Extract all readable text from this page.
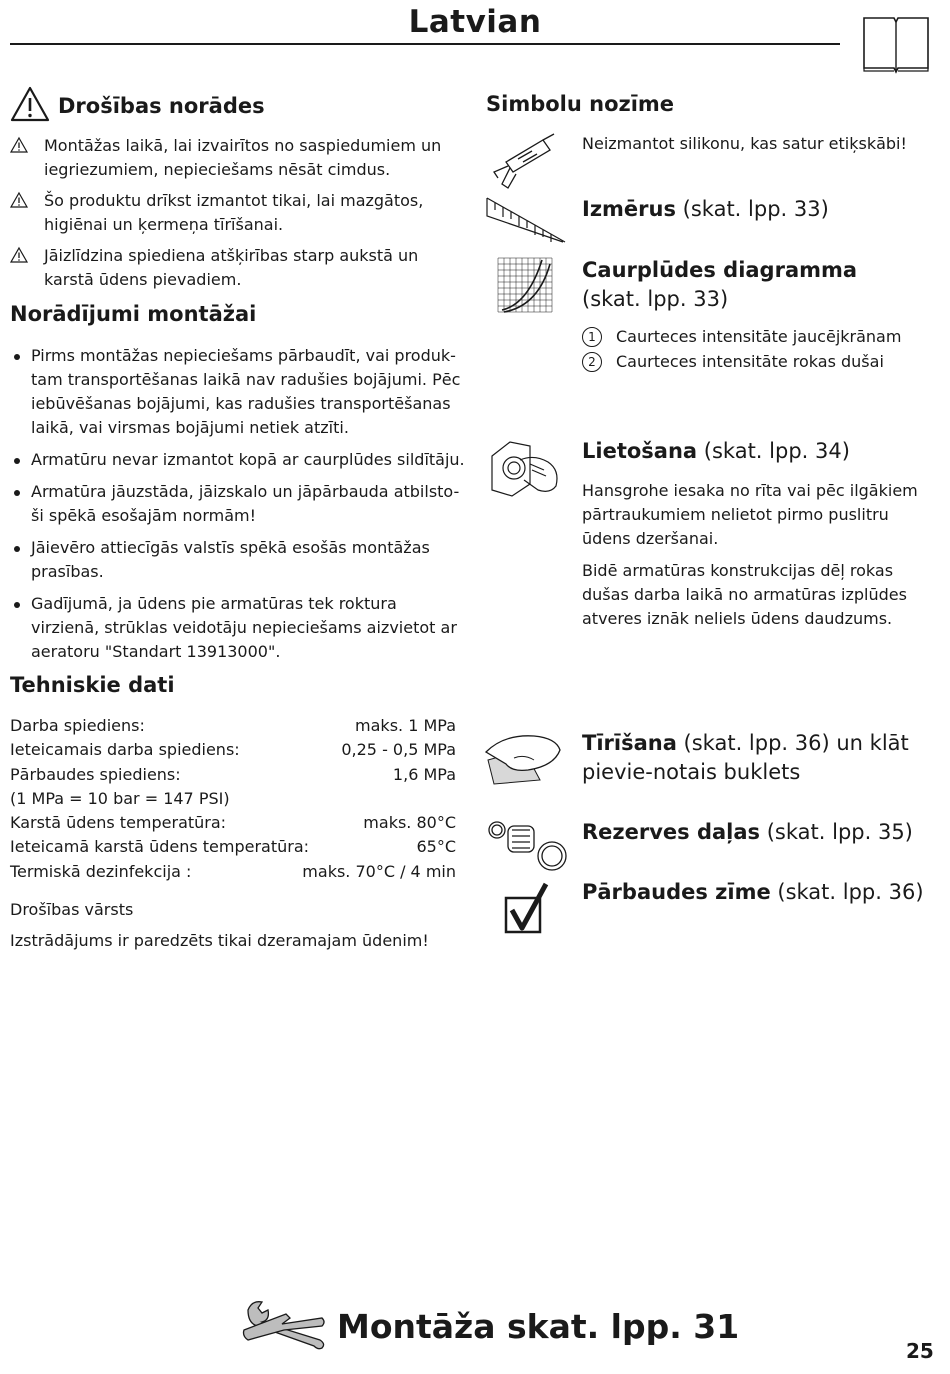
Latvian
Drošības norādes
Montāžas laikā, lai izvairītos no saspiedumiem un iegriezumiem, nepieciešams nēsāt cimdus.
Šo produktu drīkst izmantot tikai, lai mazgātos, higiēnai un ķermeņa tīrīšanai.
Jāizlīdzina spiediena atšķirības starp aukstā un karstā ūdens pievadiem.
Norādījumi montāžai
Pirms montāžas nepieciešams pārbaudīt, vai produk-tam transportēšanas laikā nav radušies bojājumi. Pēc iebūvēšanas bojājumi, kas radušies transportēšanas laikā, vai virsmas bojājumi netiek atzīti.
Armatūru nevar izmantot kopā ar caurplūdes sildītāju.
Armatūra jāuzstāda, jāizskalo un jāpārbauda atbilsto-ši spēkā esošajām normām!
Jāievēro attiecīgās valstīs spēkā esošās montāžas prasības.
Gadījumā, ja ūdens pie armatūras tek roktura virzienā, strūklas veidotāju nepieciešams aizvietot ar aeratoru "Standart 13913000".
Tehniskie dati
Darba spiediens:	maks. 1 MPa
Ieteicamais darba spiediens:	0,25 - 0,5 MPa
Pārbaudes spiediens:	1,6 MPa
(1 MPa = 10 bar = 147 PSI)
Karstā ūdens temperatūra:	maks. 80°C
Ieteicamā karstā ūdens temperatūra:	65°C
Termiskā dezinfekcija :	maks. 70°C / 4 min
Drošības vārsts
Izstrādājums ir paredzēts tikai dzeramajam ūdenim!
Simbolu nozīme
Neizmantot silikonu, kas satur etiķskābi!
Izmērus (skat. lpp. 33)
Caurplūdes diagramma
(skat. lpp. 33)
1	Caurteces intensitāte jaucējkrānam
2	Caurteces intensitāte rokas dušai
Lietošana (skat. lpp. 34)
Hansgrohe iesaka no rīta vai pēc ilgākiem pārtraukumiem nelietot pirmo puslitru ūdens dzeršanai.
Bidē armatūras konstrukcijas dēļ rokas dušas darba laikā no armatūras izplūdes atveres iznāk neliels ūdens daudzums.
Tīrīšana (skat. lpp. 36) un klāt pievie-notais buklets
Rezerves daļas (skat. lpp. 35)
Pārbaudes zīme (skat. lpp. 36)
Montāža skat. lpp. 31
25
